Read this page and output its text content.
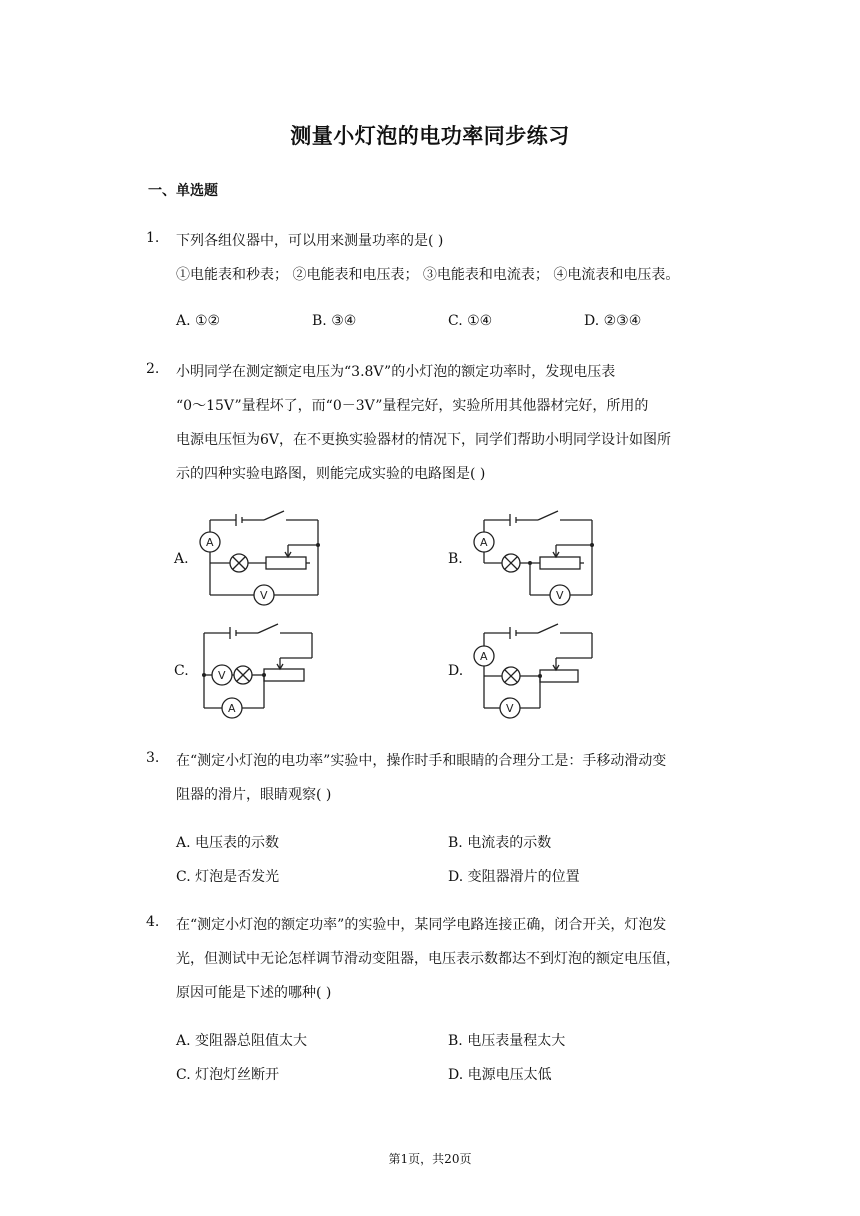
测量小灯泡的电功率同步练习
一、单选题
1. 下列各组仪器中，可以用来测量功率的是( )
①电能表和秒表； ②电能表和电压表； ③电能表和电流表； ④电流表和电压表。
A. ①②	B. ③④	C. ①④	D. ②③④
2. 小明同学在测定额定电压为“3.8V”的小灯泡的额定功率时，发现电压表
“0～15V”量程坏了，而“0－3V”量程完好，实验所用其他器材完好，所用的
电源电压恒为6V，在不更换实验器材的情况下，同学们帮助小明同学设计如图所
示的四种实验电路图，则能完成实验的电路图是( )
A.	B.
C.	D.
A
V
A
V
V
A
A
V
3. 在“测定小灯泡的电功率”实验中，操作时手和眼睛的合理分工是：手移动滑动变
阻器的滑片，眼睛观察( )
A. 电压表的示数	B. 电流表的示数
C. 灯泡是否发光	D. 变阻器滑片的位置
4. 在“测定小灯泡的额定功率”的实验中，某同学电路连接正确，闭合开关，灯泡发
光，但测试中无论怎样调节滑动变阻器，电压表示数都达不到灯泡的额定电压值，
原因可能是下述的哪种( )
A. 变阻器总阻值太大	B. 电压表量程太大
C. 灯泡灯丝断开	D. 电源电压太低
第1页，共20页
